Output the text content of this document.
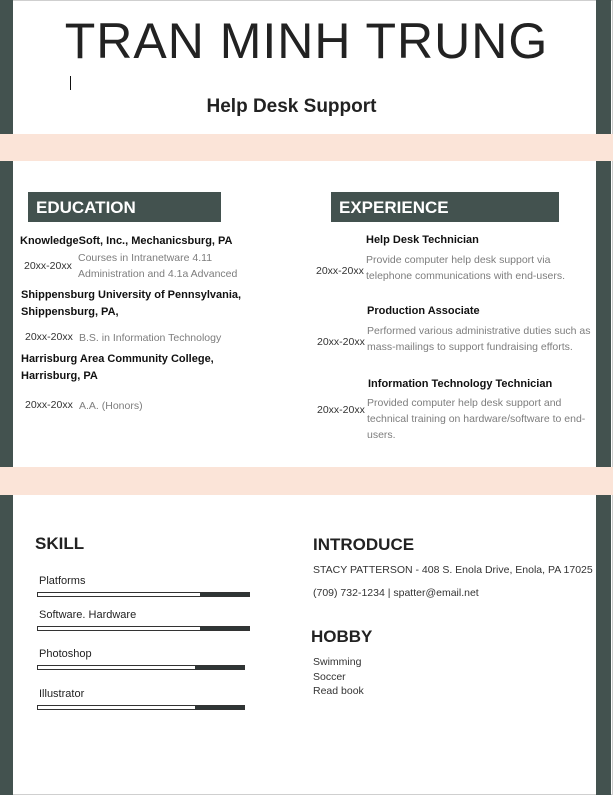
TRAN MINH TRUNG
Help Desk Support
EDUCATION
KnowledgeSoft, Inc., Mechanicsburg, PA
20xx-20xx
Courses in Intranetware 4.11 Administration and 4.1a Advanced
Shippensburg University of Pennsylvania, Shippensburg, PA,
20xx-20xx B.S. in Information Technology
Harrisburg Area Community College, Harrisburg, PA
20xx-20xx A.A. (Honors)
EXPERIENCE
Help Desk Technician
20xx-20xx
Provide computer help desk support via telephone communications with end-users.
Production Associate
20xx-20xx
Performed various administrative duties such as mass-mailings to support fundraising efforts.
Information Technology Technician
20xx-20xx
Provided computer help desk support and technical training on hardware/software to end-users.
SKILL
Platforms
Software. Hardware
Photoshop
Illustrator
INTRODUCE
STACY PATTERSON - 408 S. Enola Drive, Enola, PA 17025
(709) 732-1234 | spatter@email.net
HOBBY
Swimming
Soccer
Read book
